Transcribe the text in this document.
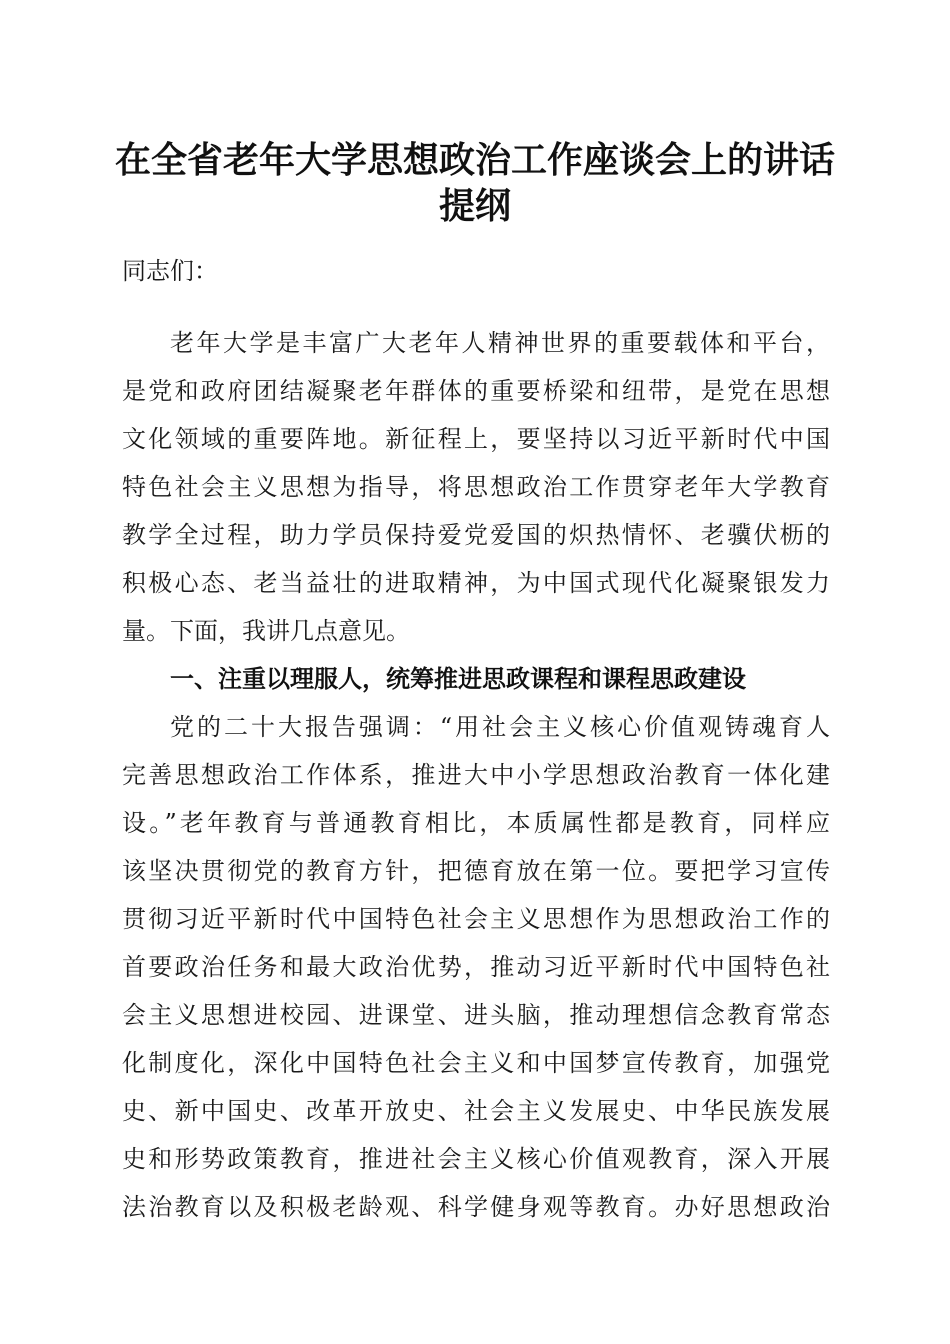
在全省老年大学思想政治工作座谈会上的讲话
提纲
同志们：
老年大学是丰富广大老年人精神世界的重要载体和平台，
是党和政府团结凝聚老年群体的重要桥梁和纽带，是党在思想
文化领域的重要阵地。新征程上，要坚持以习近平新时代中国
特色社会主义思想为指导，将思想政治工作贯穿老年大学教育
教学全过程，助力学员保持爱党爱国的炽热情怀、老骥伏枥的
积极心态、老当益壮的进取精神，为中国式现代化凝聚银发力
量。下面，我讲几点意见。
一、注重以理服人，统筹推进思政课程和课程思政建设
党的二十大报告强调：“用社会主义核心价值观铸魂育人
完善思想政治工作体系，推进大中小学思想政治教育一体化建
设。”老年教育与普通教育相比，本质属性都是教育，同样应
该坚决贯彻党的教育方针，把德育放在第一位。要把学习宣传
贯彻习近平新时代中国特色社会主义思想作为思想政治工作的
首要政治任务和最大政治优势，推动习近平新时代中国特色社
会主义思想进校园、进课堂、进头脑，推动理想信念教育常态
化制度化，深化中国特色社会主义和中国梦宣传教育，加强党
史、新中国史、改革开放史、社会主义发展史、中华民族发展
史和形势政策教育，推进社会主义核心价值观教育，深入开展
法治教育以及积极老龄观、科学健身观等教育。办好思想政治
